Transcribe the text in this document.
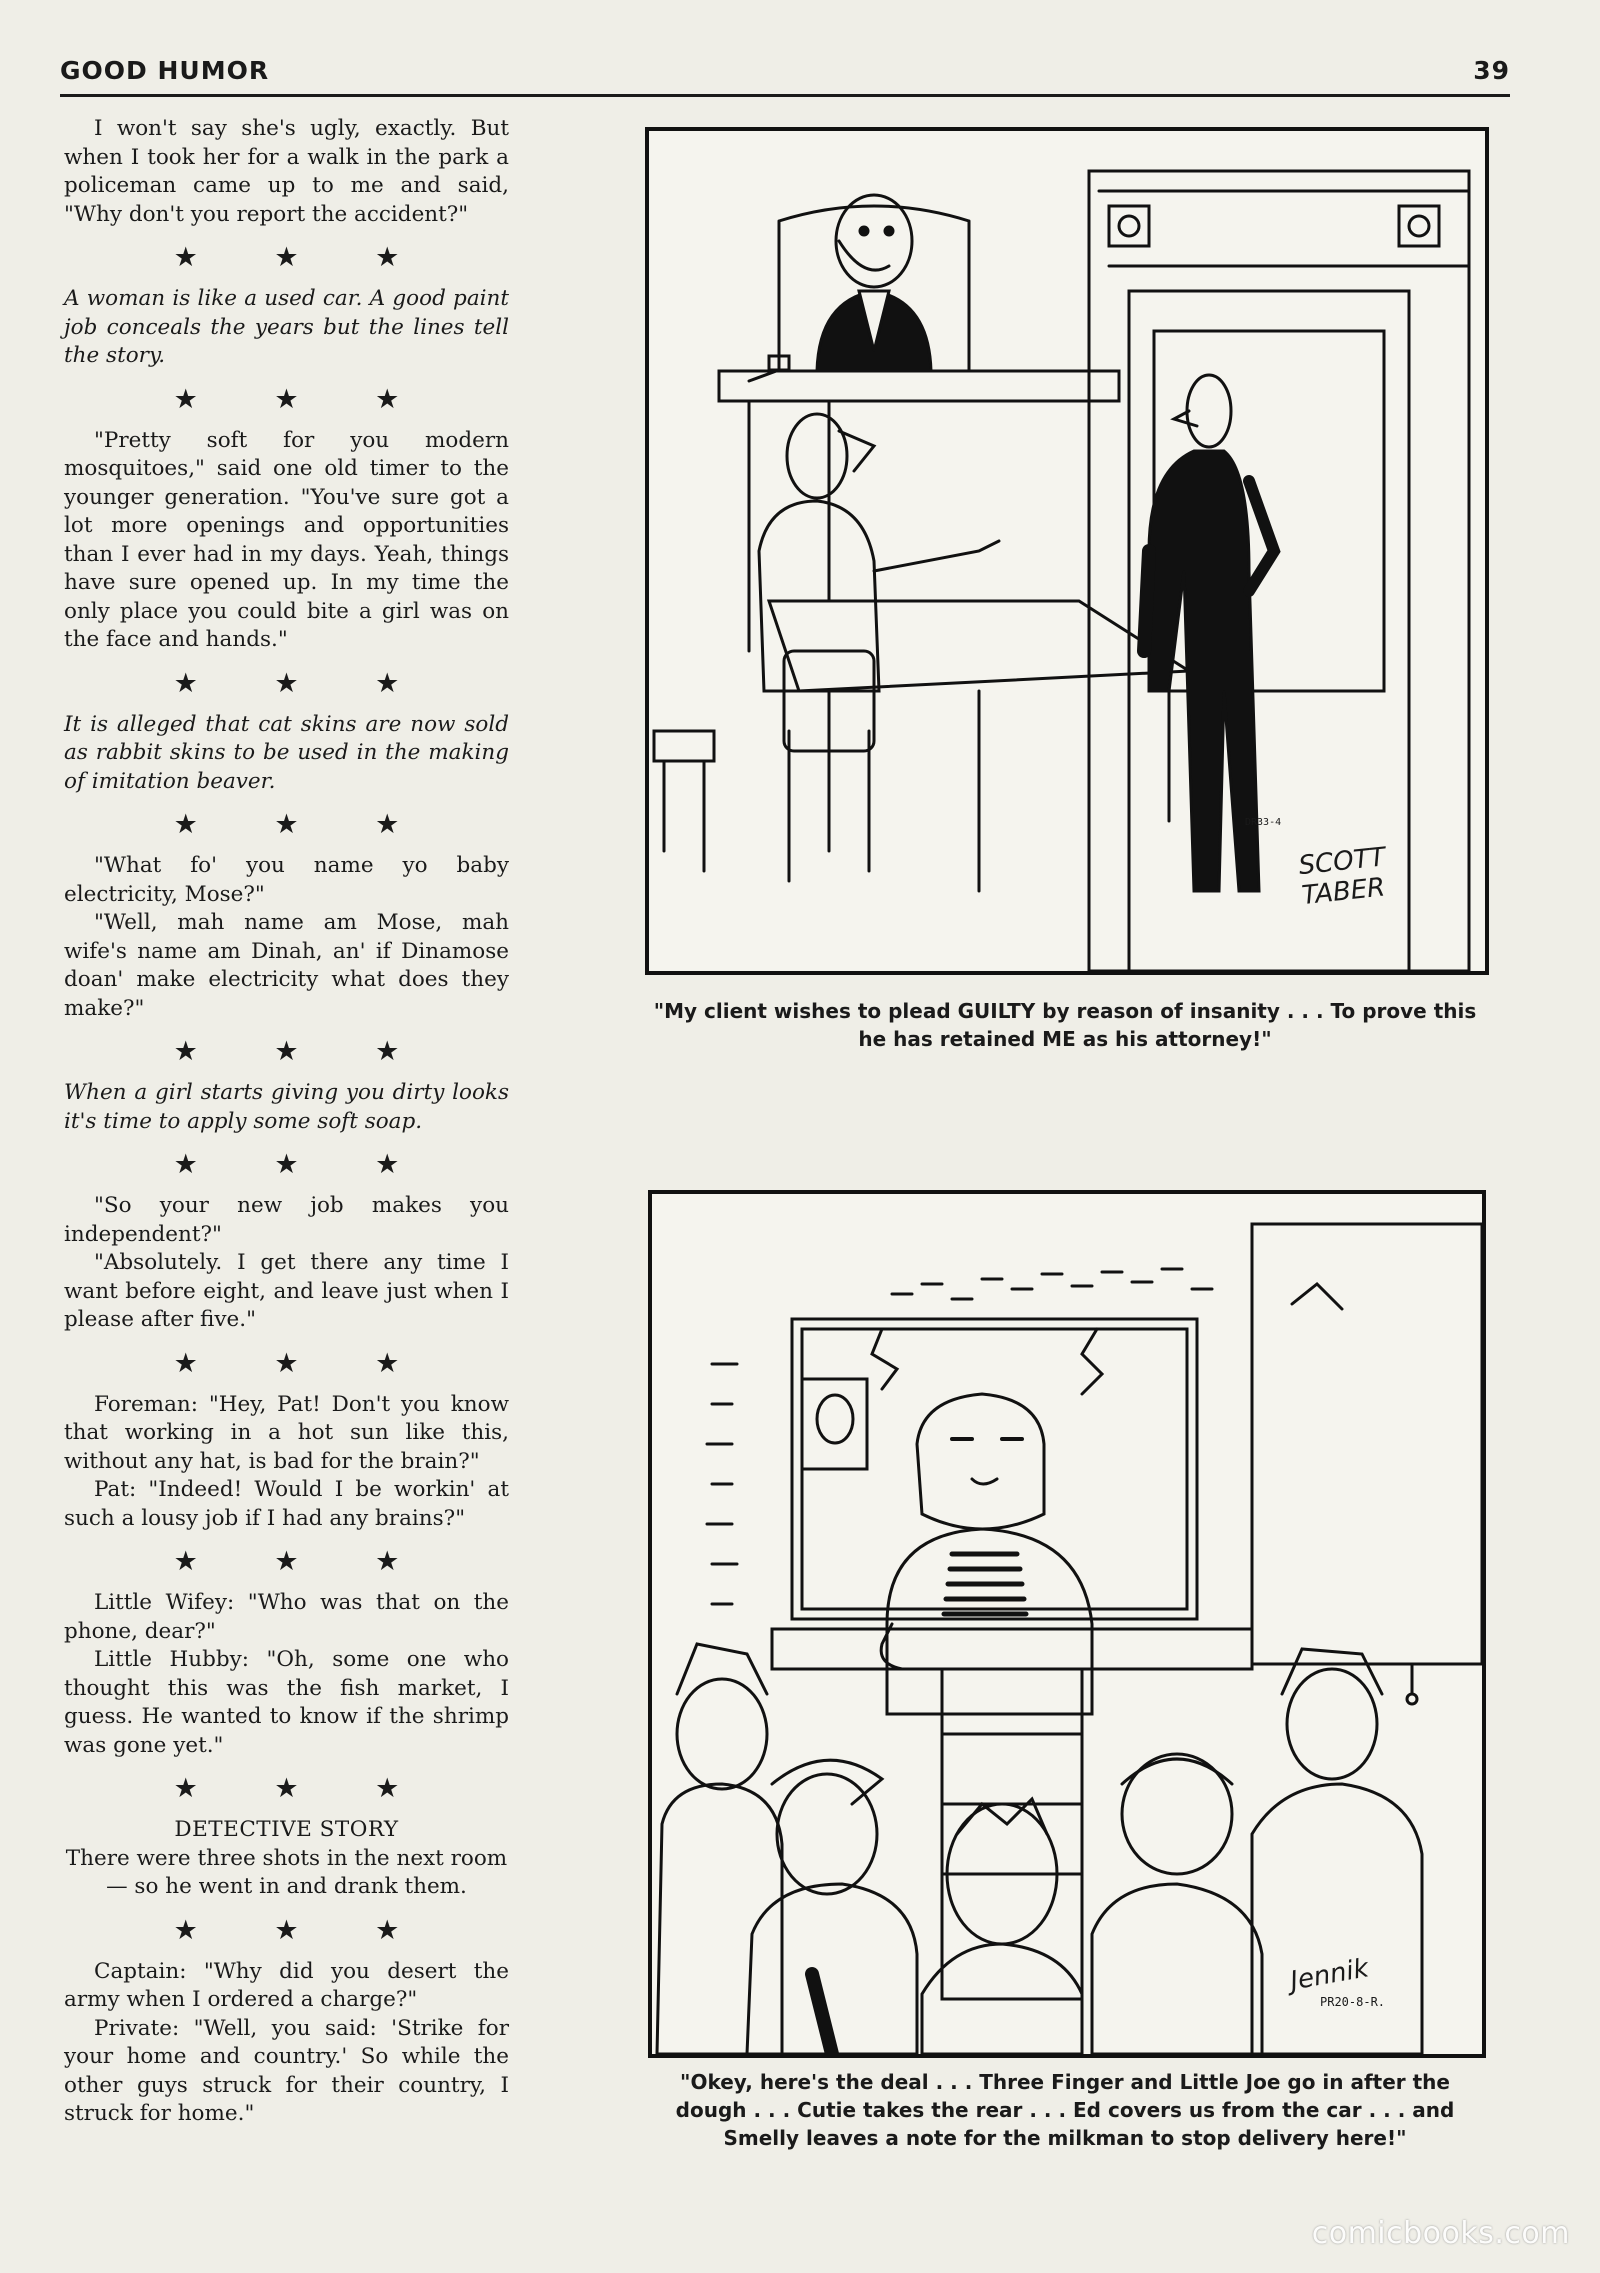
GOOD HUMOR	39

I won't say she's ugly, exactly. But when I took her for a walk in the park a policeman came up to me and said, "Why don't you report the accident?"

★ ★ ★

A woman is like a used car. A good paint job conceals the years but the lines tell the story.

★ ★ ★

"Pretty soft for you modern mosquitoes," said one old timer to the younger generation. "You've sure got a lot more openings and opportunities than I ever had in my days. Yeah, things have sure opened up. In my time the only place you could bite a girl was on the face and hands."

★ ★ ★

It is alleged that cat skins are now sold as rabbit skins to be used in the making of imitation beaver.

★ ★ ★

"What fo' you name yo baby electricity, Mose?"

"Well, mah name am Mose, mah wife's name am Dinah, an' if Dinamose doan' make electricity what does they make?"

★ ★ ★

When a girl starts giving you dirty looks it's time to apply some soft soap.

★ ★ ★

"So your new job makes you independent?"

"Absolutely. I get there any time I want before eight, and leave just when I please after five."

★ ★ ★

Foreman: "Hey, Pat! Don't you know that working in a hot sun like this, without any hat, is bad for the brain?"

Pat: "Indeed! Would I be workin' at such a lousy job if I had any brains?"

★ ★ ★

Little Wifey: "Who was that on the phone, dear?"

Little Hubby: "Oh, some one who thought this was the fish market, I guess. He wanted to know if the shrimp was gone yet."

★ ★ ★

DETECTIVE STORY

There were three shots in the next room— so he went in and drank them.

★ ★ ★

Captain: "Why did you desert the army when I ordered a charge?"

Private: "Well, you said: 'Strike for your home and country.' So while the other guys struck for their country, I struck for home."

"My client wishes to plead GUILTY by reason of insanity . . . To prove this he has retained ME as his attorney!"
DR33-4
SCOTT TABER
Jennik
PR20-8-R.
"Okey, here's the deal . . . Three Finger and Little Joe go in after the dough . . . Cutie takes the rear . . . Ed covers us from the car . . . and Smelly leaves a note for the milkman to stop delivery here!"
comicbooks.com
